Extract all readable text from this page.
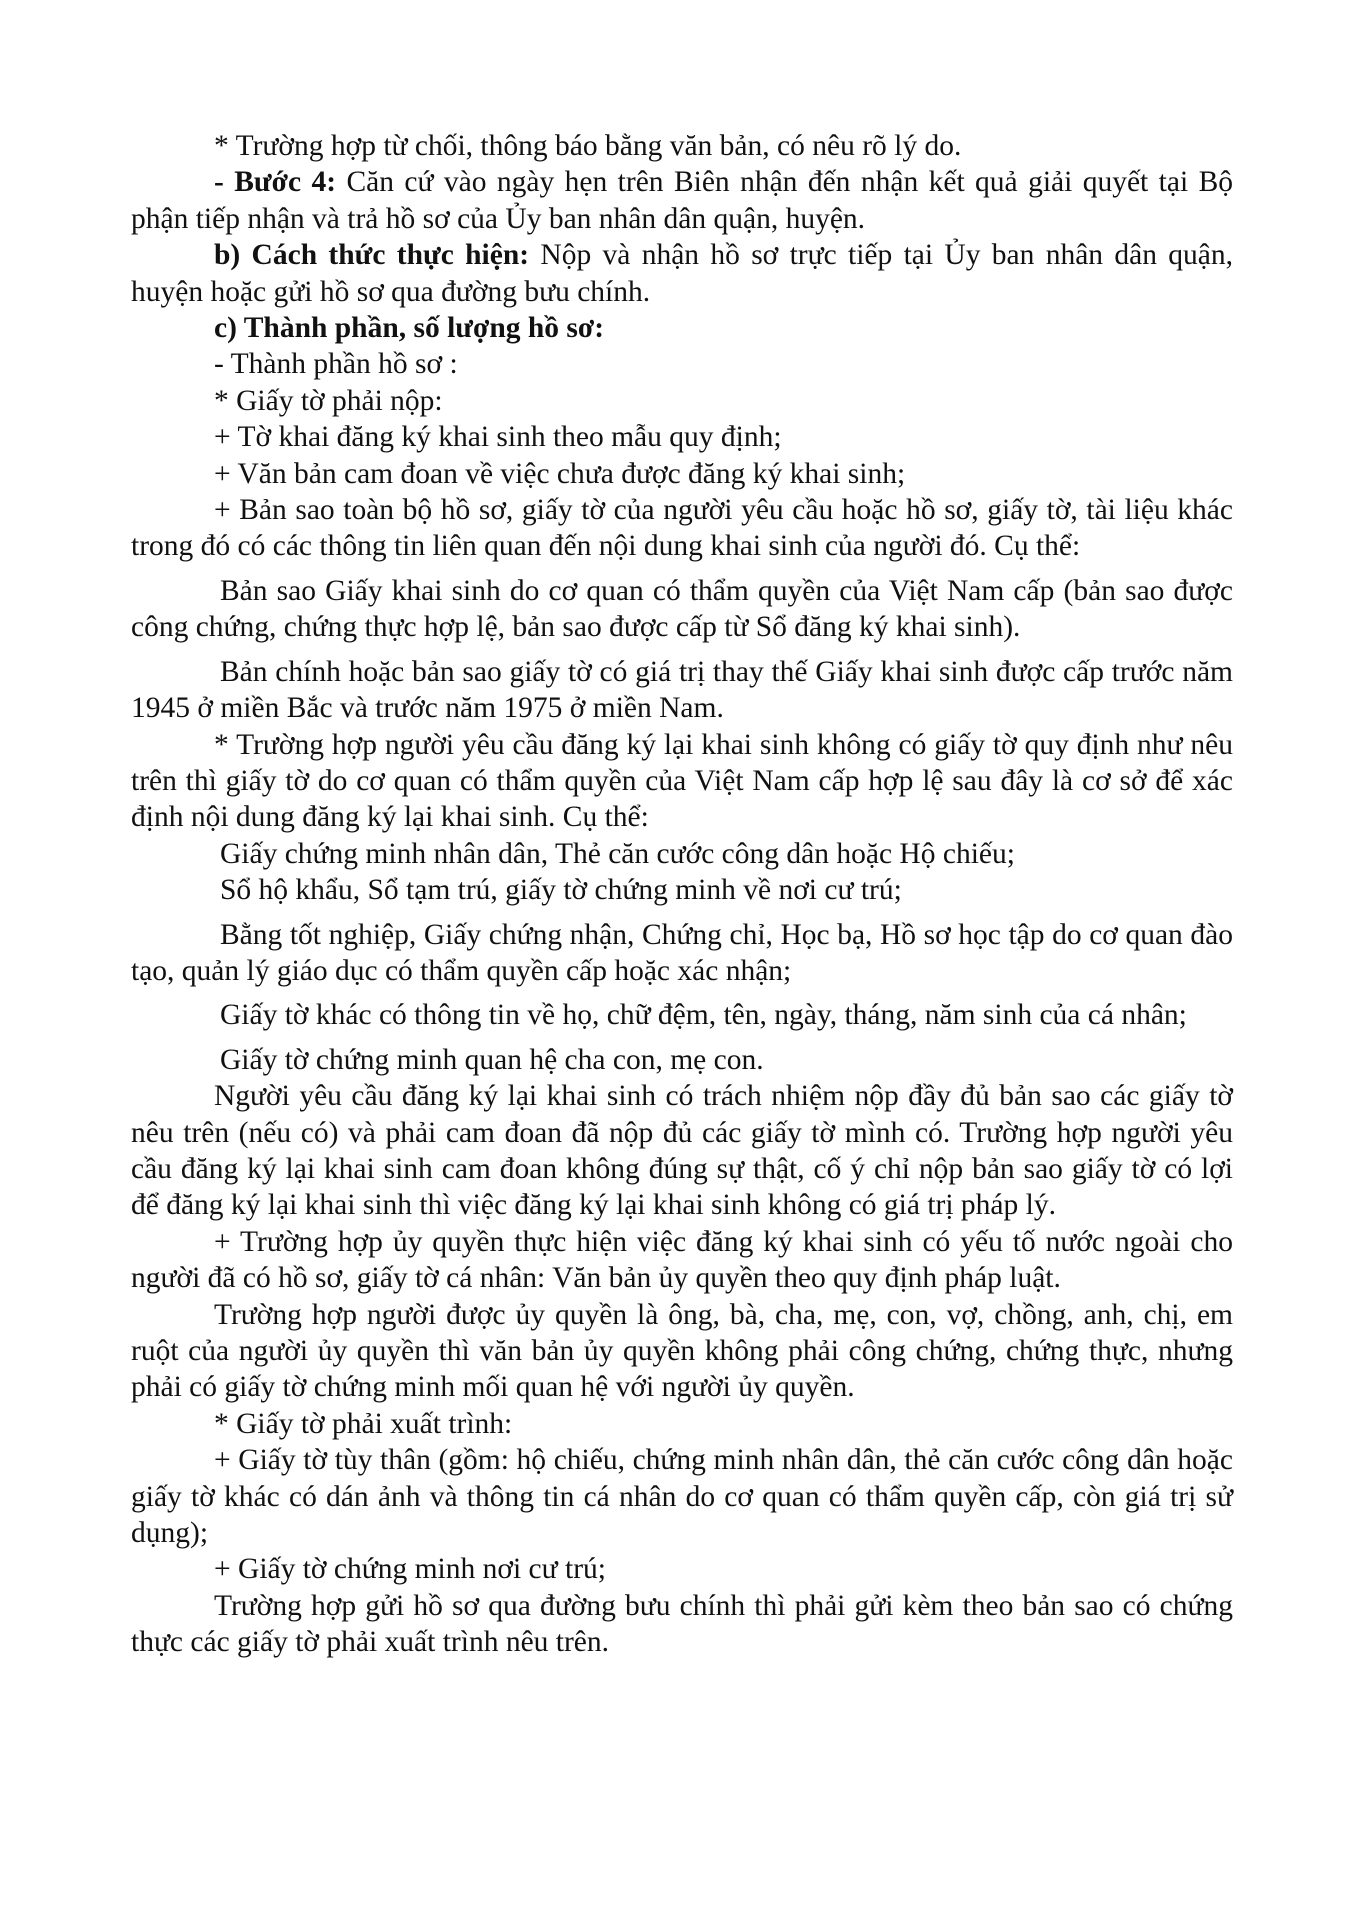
* Trường hợp từ chối, thông báo bằng văn bản, có nêu rõ lý do.

- Bước 4: Căn cứ vào ngày hẹn trên Biên nhận đến nhận kết quả giải quyết tại Bộ phận tiếp nhận và trả hồ sơ của Ủy ban nhân dân quận, huyện.

b) Cách thức thực hiện: Nộp và nhận hồ sơ trực tiếp tại Ủy ban nhân dân quận, huyện hoặc gửi hồ sơ qua đường bưu chính.

c) Thành phần, số lượng hồ sơ:

- Thành phần hồ sơ :

* Giấy tờ phải nộp:

+ Tờ khai đăng ký khai sinh theo mẫu quy định;

+ Văn bản cam đoan về việc chưa được đăng ký khai sinh;

+ Bản sao toàn bộ hồ sơ, giấy tờ của người yêu cầu hoặc hồ sơ, giấy tờ, tài liệu khác trong đó có các thông tin liên quan đến nội dung khai sinh của người đó. Cụ thể:

Bản sao Giấy khai sinh do cơ quan có thẩm quyền của Việt Nam cấp (bản sao được công chứng, chứng thực hợp lệ, bản sao được cấp từ Sổ đăng ký khai sinh).

Bản chính hoặc bản sao giấy tờ có giá trị thay thế Giấy khai sinh được cấp trước năm 1945 ở miền Bắc và trước năm 1975 ở miền Nam.

* Trường hợp người yêu cầu đăng ký lại khai sinh không có giấy tờ quy định như nêu trên thì giấy tờ do cơ quan có thẩm quyền của Việt Nam cấp hợp lệ sau đây là cơ sở để xác định nội dung đăng ký lại khai sinh. Cụ thể:

Giấy chứng minh nhân dân, Thẻ căn cước công dân hoặc Hộ chiếu;

Sổ hộ khẩu, Sổ tạm trú, giấy tờ chứng minh về nơi cư trú;

Bằng tốt nghiệp, Giấy chứng nhận, Chứng chỉ, Học bạ, Hồ sơ học tập do cơ quan đào tạo, quản lý giáo dục có thẩm quyền cấp hoặc xác nhận;

Giấy tờ khác có thông tin về họ, chữ đệm, tên, ngày, tháng, năm sinh của cá nhân;

Giấy tờ chứng minh quan hệ cha con, mẹ con.

Người yêu cầu đăng ký lại khai sinh có trách nhiệm nộp đầy đủ bản sao các giấy tờ nêu trên (nếu có) và phải cam đoan đã nộp đủ các giấy tờ mình có. Trường hợp người yêu cầu đăng ký lại khai sinh cam đoan không đúng sự thật, cố ý chỉ nộp bản sao giấy tờ có lợi để đăng ký lại khai sinh thì việc đăng ký lại khai sinh không có giá trị pháp lý.

+ Trường hợp ủy quyền thực hiện việc đăng ký khai sinh có yếu tố nước ngoài cho người đã có hồ sơ, giấy tờ cá nhân: Văn bản ủy quyền theo quy định pháp luật.

Trường hợp người được ủy quyền là ông, bà, cha, mẹ, con, vợ, chồng, anh, chị, em ruột của người ủy quyền thì văn bản ủy quyền không phải công chứng, chứng thực, nhưng phải có giấy tờ chứng minh mối quan hệ với người ủy quyền.

* Giấy tờ phải xuất trình:

+ Giấy tờ tùy thân (gồm: hộ chiếu, chứng minh nhân dân, thẻ căn cước công dân hoặc giấy tờ khác có dán ảnh và thông tin cá nhân do cơ quan có thẩm quyền cấp, còn giá trị sử dụng);

+ Giấy tờ chứng minh nơi cư trú;

Trường hợp gửi hồ sơ qua đường bưu chính thì phải gửi kèm theo bản sao có chứng thực các giấy tờ phải xuất trình nêu trên.
